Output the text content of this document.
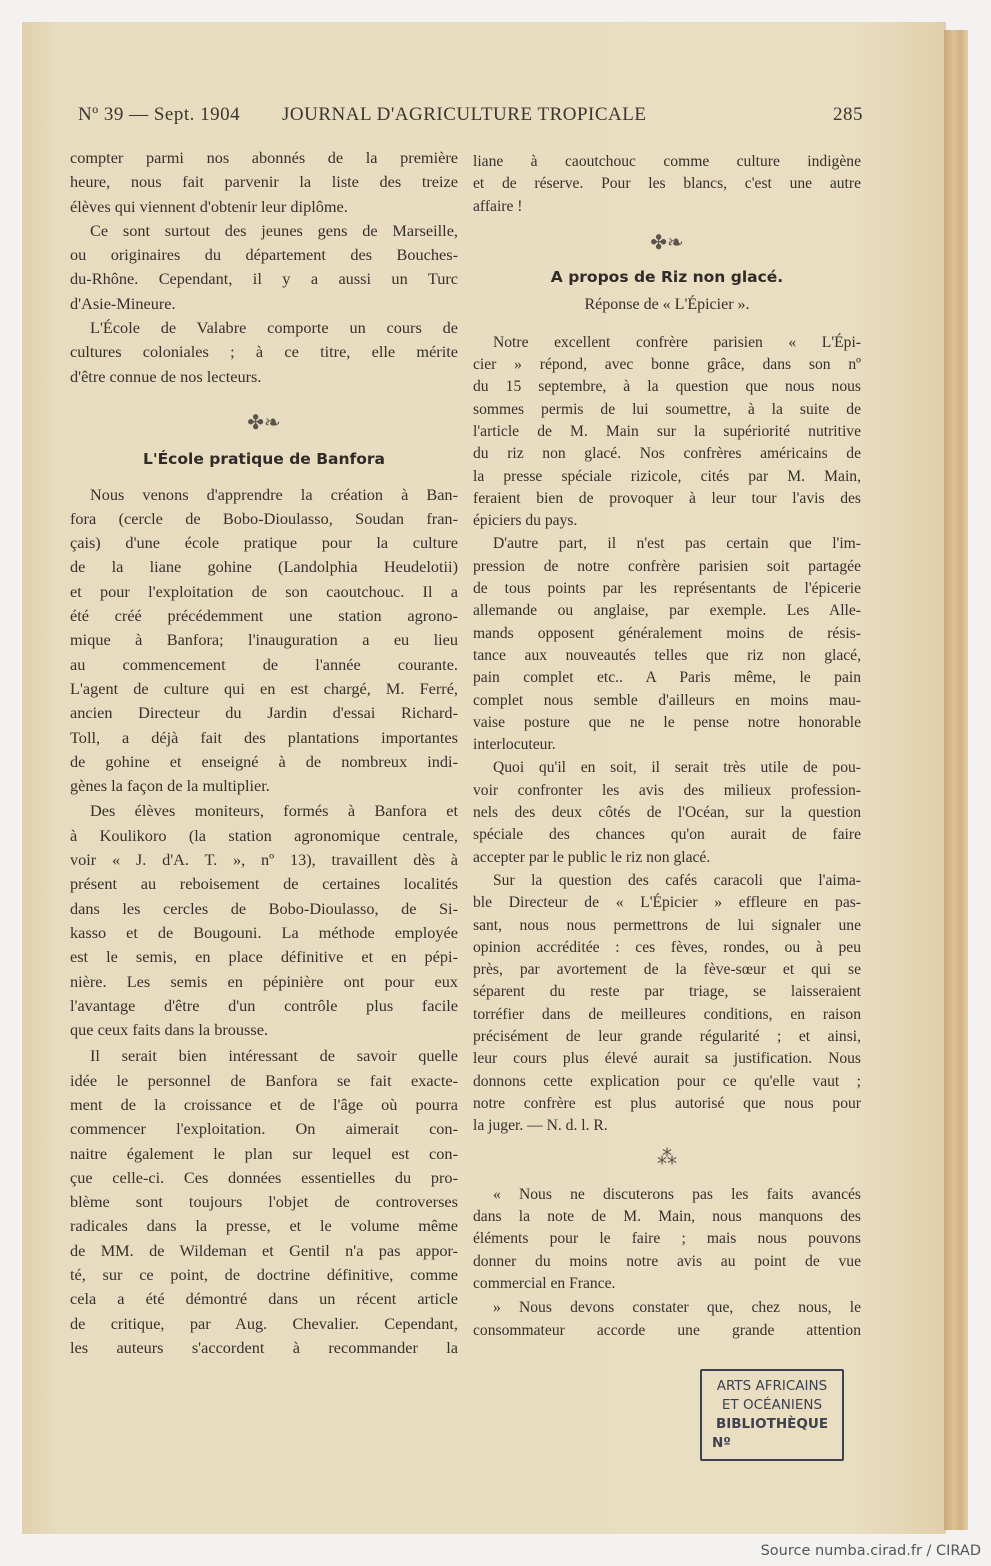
Nº 39 — Sept. 1904 JOURNAL D'AGRICULTURE TROPICALE	285
compter parmi nos abonnés de la première
heure, nous fait parvenir la liste des treize
élèves qui viennent d'obtenir leur diplôme.
Ce sont surtout des jeunes gens de Marseille,
ou originaires du département des Bouches-
du-Rhône. Cependant, il y a aussi un Turc
d'Asie-Mineure.
L'École de Valabre comporte un cours de
cultures coloniales ; à ce titre, elle mérite
d'être connue de nos lecteurs.
✤❧
L'École pratique de Banfora
Nous venons d'apprendre la création à Ban-
fora (cercle de Bobo-Dioulasso, Soudan fran-
çais) d'une école pratique pour la culture
de la liane gohine (Landolphia Heudelotii)
et pour l'exploitation de son caoutchouc. Il a
été créé précédemment une station agrono-
mique à Banfora; l'inauguration a eu lieu
au commencement de l'année courante.
L'agent de culture qui en est chargé, M. Ferré,
ancien Directeur du Jardin d'essai Richard-
Toll, a déjà fait des plantations importantes
de gohine et enseigné à de nombreux indi-
gènes la façon de la multiplier.
Des élèves moniteurs, formés à Banfora et
à Koulikoro (la station agronomique centrale,
voir « J. d'A. T. », nº 13), travaillent dès à
présent au reboisement de certaines localités
dans les cercles de Bobo-Dioulasso, de Si-
kasso et de Bougouni. La méthode employée
est le semis, en place définitive et en pépi-
nière. Les semis en pépinière ont pour eux
l'avantage d'être d'un contrôle plus facile
que ceux faits dans la brousse.
Il serait bien intéressant de savoir quelle
idée le personnel de Banfora se fait exacte-
ment de la croissance et de l'âge où pourra
commencer l'exploitation. On aimerait con-
naitre également le plan sur lequel est con-
çue celle-ci. Ces données essentielles du pro-
blème sont toujours l'objet de controverses
radicales dans la presse, et le volume même
de MM. de Wildeman et Gentil n'a pas appor-
té, sur ce point, de doctrine définitive, comme
cela a été démontré dans un récent article
de critique, par Aug. Chevalier. Cependant,
les auteurs s'accordent à recommander la
liane à caoutchouc comme culture indigène
et de réserve. Pour les blancs, c'est une autre
affaire !
✤❧
A propos de Riz non glacé.
Réponse de « L'Épicier ».
Notre excellent confrère parisien « L'Épi-
cier » répond, avec bonne grâce, dans son nº
du 15 septembre, à la question que nous nous
sommes permis de lui soumettre, à la suite de
l'article de M. Main sur la supériorité nutritive
du riz non glacé. Nos confrères américains de
la presse spéciale rizicole, cités par M. Main,
feraient bien de provoquer à leur tour l'avis des
épiciers du pays.
D'autre part, il n'est pas certain que l'im-
pression de notre confrère parisien soit partagée
de tous points par les représentants de l'épicerie
allemande ou anglaise, par exemple. Les Alle-
mands opposent généralement moins de résis-
tance aux nouveautés telles que riz non glacé,
pain complet etc.. A Paris même, le pain
complet nous semble d'ailleurs en moins mau-
vaise posture que ne le pense notre honorable
interlocuteur.
Quoi qu'il en soit, il serait très utile de pou-
voir confronter les avis des milieux profession-
nels des deux côtés de l'Océan, sur la question
spéciale des chances qu'on aurait de faire
accepter par le public le riz non glacé.
Sur la question des cafés caracoli que l'aima-
ble Directeur de « L'Épicier » effleure en pas-
sant, nous nous permettrons de lui signaler une
opinion accréditée : ces fèves, rondes, ou à peu
près, par avortement de la fève-sœur et qui se
séparent du reste par triage, se laisseraient
torréfier dans de meilleures conditions, en raison
précisément de leur grande régularité ; et ainsi,
leur cours plus élevé aurait sa justification. Nous
donnons cette explication pour ce qu'elle vaut ;
notre confrère est plus autorisé que nous pour
la juger. — N. d. l. R.
⁂
« Nous ne discuterons pas les faits avancés
dans la note de M. Main, nous manquons des
éléments pour le faire ; mais nous pouvons
donner du moins notre avis au point de vue
commercial en France.
» Nous devons constater que, chez nous, le
consommateur accorde une grande attention
ARTS AFRICAINS
ET OCÉANIENS
BIBLIOTHÈQUE
Nº
Source numba.cirad.fr / CIRAD
